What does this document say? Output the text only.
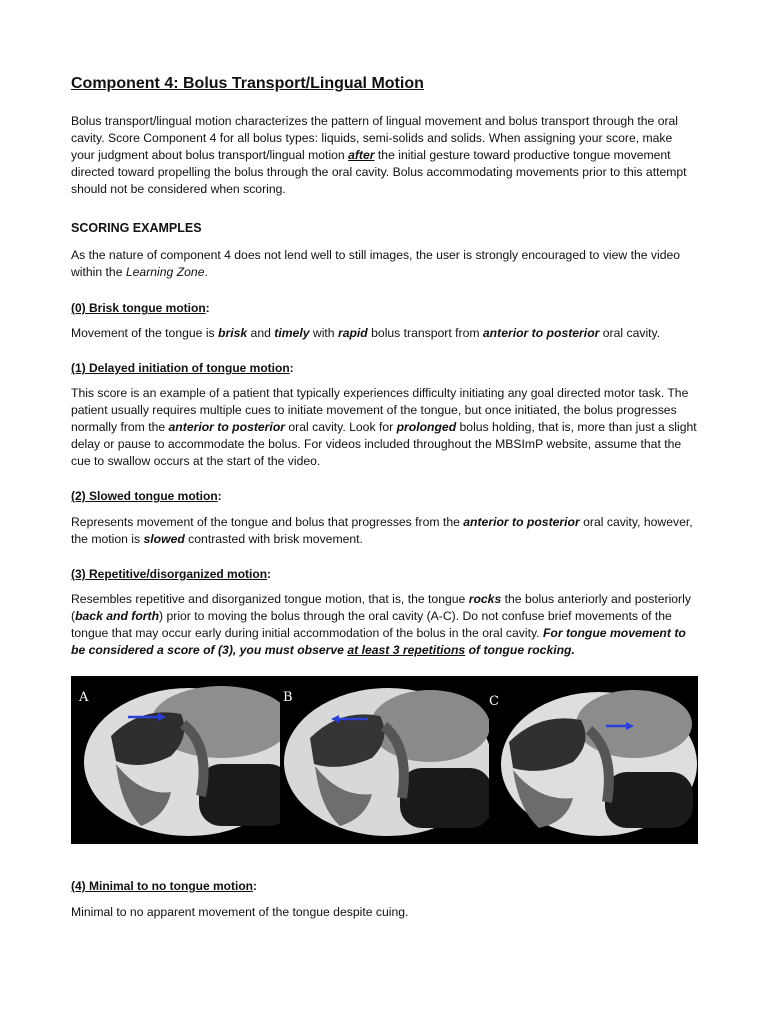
Component 4: Bolus Transport/Lingual Motion

Bolus transport/lingual motion characterizes the pattern of lingual movement and bolus transport through the oral cavity. Score Component 4 for all bolus types: liquids, semi-solids and solids. When assigning your score, make your judgment about bolus transport/lingual motion after the initial gesture toward productive tongue movement directed toward propelling the bolus through the oral cavity. Bolus accommodating movements prior to this attempt should not be considered when scoring.

SCORING EXAMPLES

As the nature of component 4 does not lend well to still images, the user is strongly encouraged to view the video within the Learning Zone.

(0) Brisk tongue motion:

Movement of the tongue is brisk and timely with rapid bolus transport from anterior to posterior oral cavity.

(1) Delayed initiation of tongue motion:

This score is an example of a patient that typically experiences difficulty initiating any goal directed motor task. The patient usually requires multiple cues to initiate movement of the tongue, but once initiated, the bolus progresses normally from the anterior to posterior oral cavity. Look for prolonged bolus holding, that is, more than just a slight delay or pause to accommodate the bolus. For videos included throughout the MBSImP website, assume that the cue to swallow occurs at the start of the video.

(2) Slowed tongue motion:

Represents movement of the tongue and bolus that progresses from the anterior to posterior oral cavity, however, the motion is slowed contrasted with brisk movement.

(3) Repetitive/disorganized motion:

Resembles repetitive and disorganized tongue motion, that is, the tongue rocks the bolus anteriorly and posteriorly (back and forth) prior to moving the bolus through the oral cavity (A-C). Do not confuse brief movements of the tongue that may occur early during initial accommodation of the bolus in the oral cavity. For tongue movement to be considered a score of (3), you must observe at least 3 repetitions of tongue rocking.

A	B	C

(4) Minimal to no tongue motion:

Minimal to no apparent movement of the tongue despite cuing.
